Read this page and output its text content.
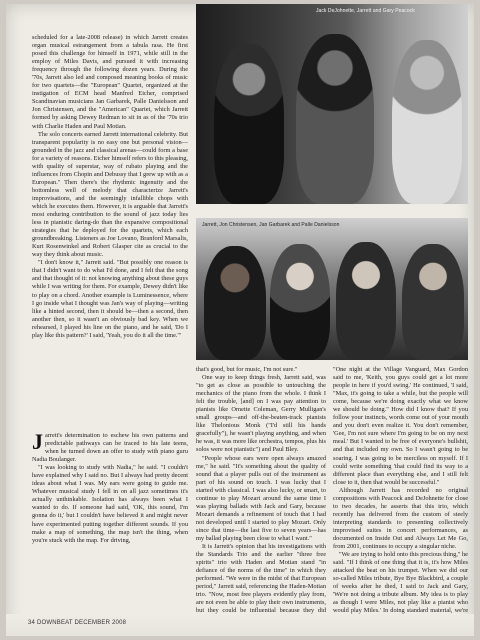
scheduled for a late-2008 release) in which Jarrett creates organ musical estrangement from a tabula rasa. He first posed this challenge for himself in 1971, while still in the employ of Miles Davis, and pursued it with increasing frequency through the following dozen years. During the '70s, Jarrett also led and composed meaning books of music for two quartets—the "European" Quartet, organized at the instigation of ECM head Manfred Eicher, comprised Scandinavian musicians Jan Garbarek, Palle Danielsson and Jon Christensen, and the "American" Quartet, which Jarrett formed by asking Dewey Redman to sit in as of the '70s trio with Charlie Haden and Paul Motian.

The solo concerts earned Jarrett international celebrity. But transparent popularity is no easy one but personal vision—grounded in the jazz and classical arenas—could form a base for a variety of reasons. Eicher himself refers to this pleasing, with quality of superstar, way of rubato playing and the influences from Chopin and Debussy that I grew up with as a European." Then there's the rhythmic ingenuity and the bottomless well of melody that characterize Jarrett's improvisations, and the seemingly infallible chops with which he executes them. However, it is arguable that Jarrett's most enduring contribution to the sound of jazz today lies less in pianistic daring-do than the expansive compositional strategies that he deployed for the quartets, which each groundbreaking. Listeners as Joe Lovano, Branford Marsalis, Kurt Rosenwinkel and Robert Glasper cite as crucial to the way they think about music.

"I don't know it," Jarrett said. "But possibly one reason is that I didn't want to do what I'd done, and I felt that the song and that thought of it: not knowing anything about these guys while I was writing for them. For example, Dewey didn't like to play on a chord. Another example is Luminessence, where I go inside what I thought was Jan's way of playing—writing like a hinted second, then it should be—then a second, then another then, so it wasn't an obviously bad key. When we rehearsed, I played his line on the piano, and he said, 'Do I play like this pattern?' I said, 'Yeah, you do it all the time.'"

Jarrett's determination to eschew his own patterns and predictable pathways can be traced to his late teens, when he turned down an offer to study with piano guru Nadia Boulanger.

"I was looking to study with Nadia," he said. "I couldn't have explained why I said no. But I always had pretty decent ideas about what I was. My ears were going to guide me. Whatever musical study I fell in on all jazz sometimes it's actually unthinkable. Isolation has always been what I wanted to do. If someone had said, 'OK, this sound, I'm gonna do it,' but I couldn't have believed it and might never have experimented putting together different sounds. If you make a map of something, the map isn't the thing, when you're stuck with the map. For driving,

Jack DeJohnette, Jarrett and Gary Peacock
Jarrett, Jon Christensen, Jan Garbarek and Palle Danielsson

that's good, but for music, I'm not sure."

One way to keep things fresh, Jarrett said, was "to get as close as possible to untouching the mechanics of the piano from the whole. I think I felt the trouble, [and] on I was pay attention to pianists like Ornette Coleman, Gerry Mulligan's small groups—and off-the-beaten-track pianists like Thelonious Monk ("I'd still his hands gracefully"), he wasn't playing anything, and when he was, it was more like orchestra, tempos, plus his solos were not pianistic") and Paul Bley.

"People whose ears were open always amazed me," he said. "It's something about the quality of sound that a player pulls out of the instrument as part of his sound on touch. I was lucky that I started with classical. I was also lucky, or smart, to continue to play Mozart around the same time I was playing ballads with Jack and Gary, because Mozart demands a refinement of touch that I had not developed until I started to play Mozart. Only since that time—the last five to seven years—has my ballad playing been close to what I want."

It is Jarrett's opinion that his investigations with the Standards Trio and the earlier "three free spirits" trio with Haden and Motian stand "in defiance of the norms of the time" in which they performed. "We were in the midst of that European period," Jarrett said, referencing the Haden-Motian trio. "Now, most free players evidently play from, are not even be able to play their own instruments, but they could be influential because they did

"One night at the Village Vanguard, Max Gordon said to me, 'Keith, you guys could get a lot more people in here if you'd swing.' He continued, 'I said, "Max, it's going to take a while, but the people will come, because we're doing exactly what we know we should be doing." How did I know that? If you follow your instincts, words come out of your mouth and you don't even realize it. You don't remember, 'Gee, I'm not sure where I'm going to be on my next meal.' But I wanted to be free of everyone's bullshit, and that included my own. So I wasn't going to be soaring. I was going to be merciless on myself. If I could write something 'that could find its way to a different place than everything else, and I still felt close to it, then that would be successful."

Although Jarrett has recorded no original compositions with Peacock and DeJohnette for close to two decades, he asserts that this trio, which recently has delivered from the custom of steely interpreting standards to presenting collectively improvised suites in concert performances, as documented on Inside Out and Always Let Me Go, from 2001, continues to occupy a singular niche.

"We are trying to hold onto this precious thing," he said. "If I think of one thing that it is, it's how Miles attacked the beat on his trumpet. When we did our so-called Miles tribute, Bye Bye Blackbird, a couple of weeks after he died, I said to Jack and Gary, 'We're not doing a tribute album. My idea is to play as though I were Miles, not play like a pianist who would play Miles.' In doing standard material, we're

34 DOWNBEAT DECEMBER 2008
